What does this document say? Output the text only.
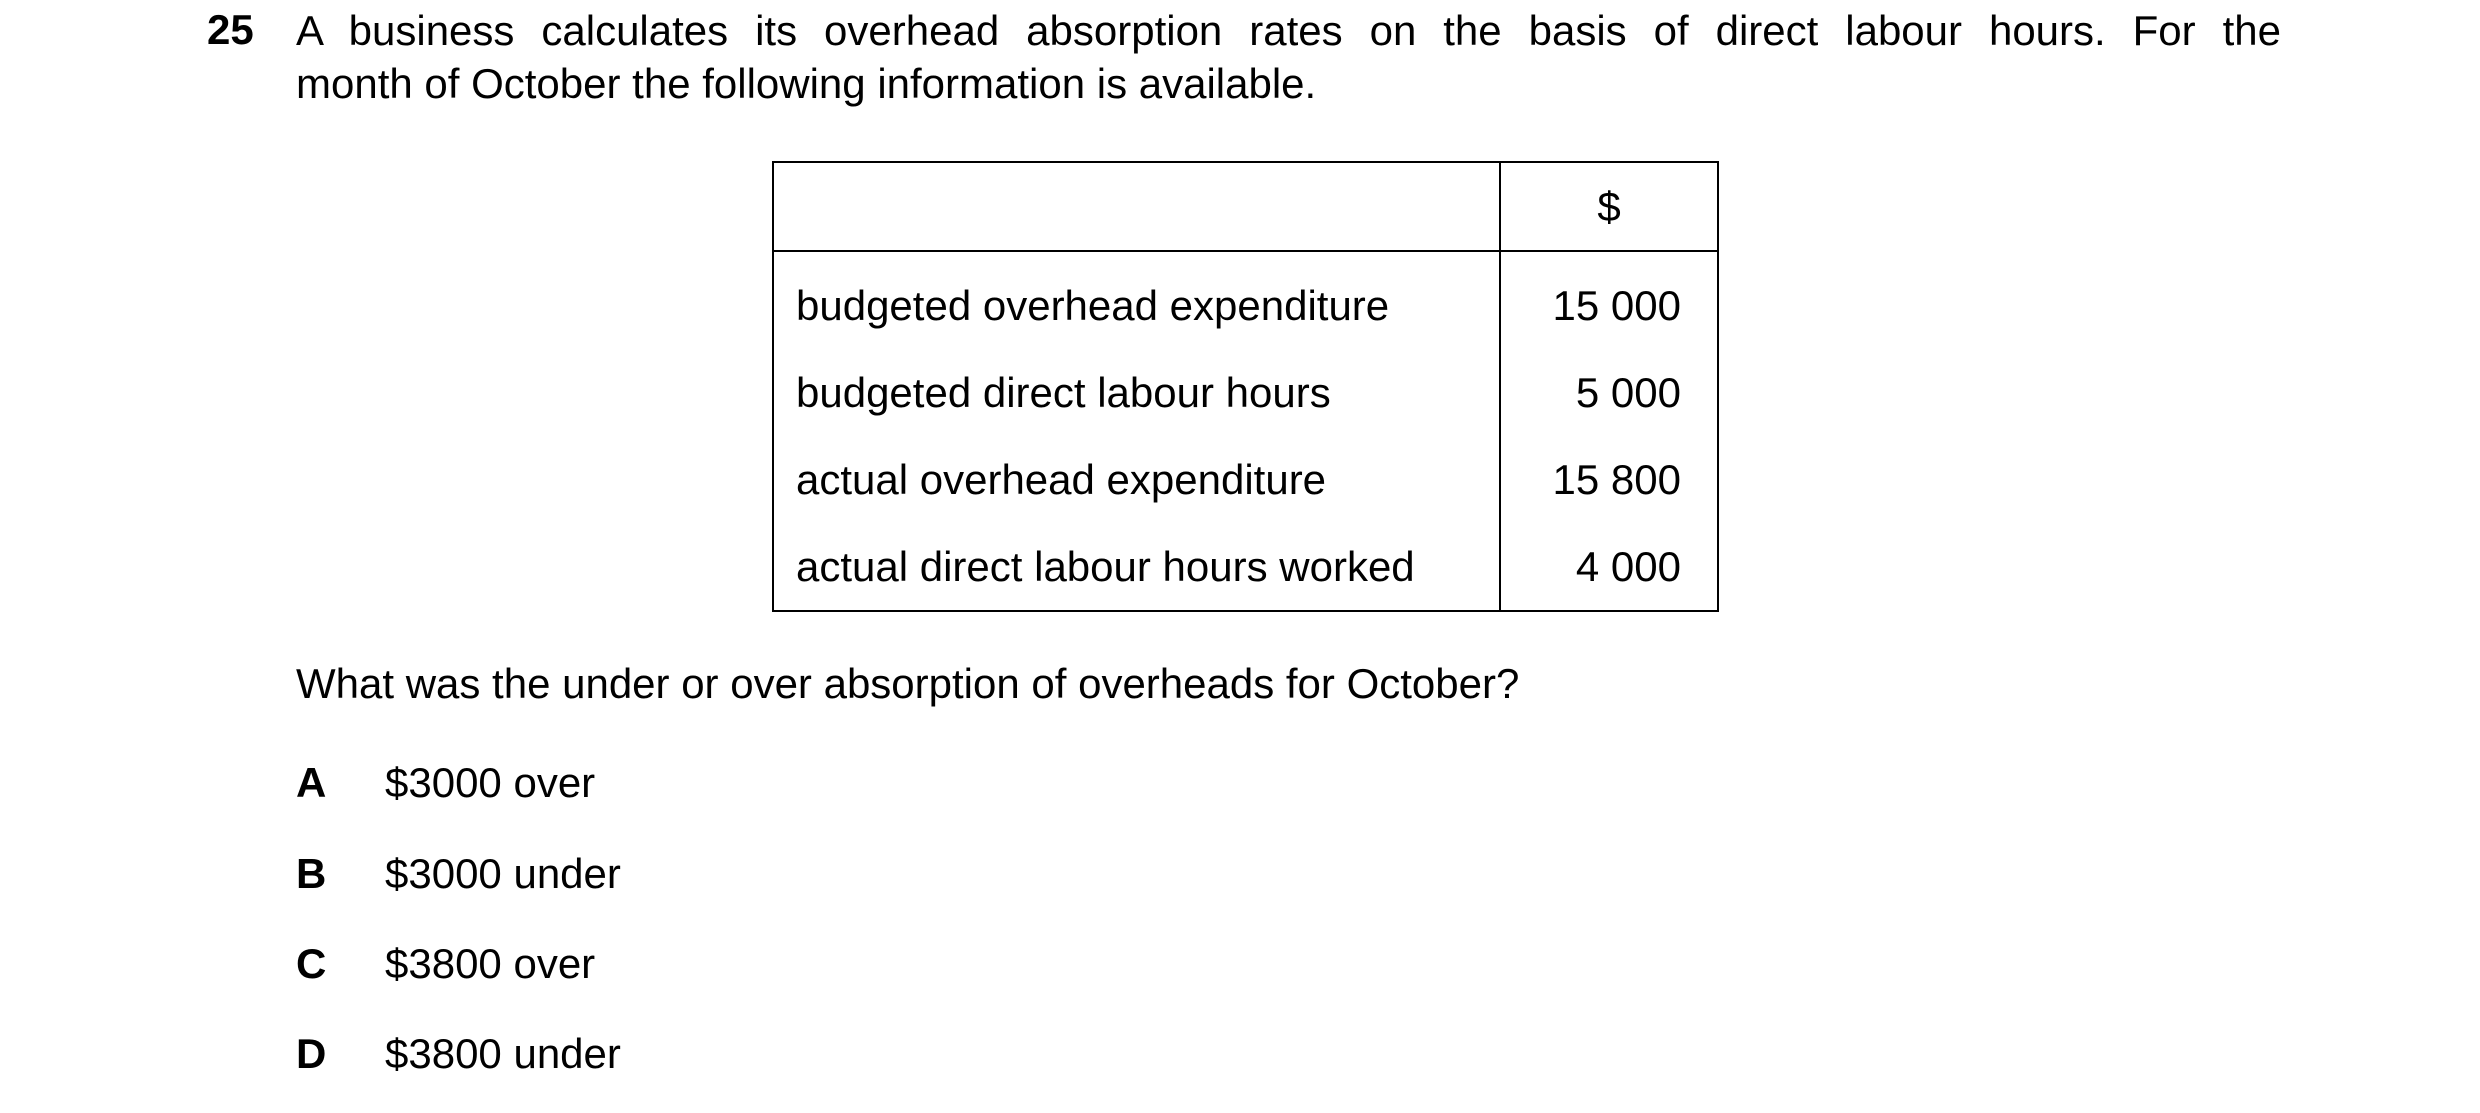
25 A business calculates its overhead absorption rates on the basis of direct labour hours. For the
month of October the following information is available.
	$
budgeted overhead expenditure	15 000
budgeted direct labour hours	5 000
actual overhead expenditure	15 800
actual direct labour hours worked	4 000
What was the under or over absorption of overheads for October?
A	$3000 over
B	$3000 under
C	$3800 over
D	$3800 under
